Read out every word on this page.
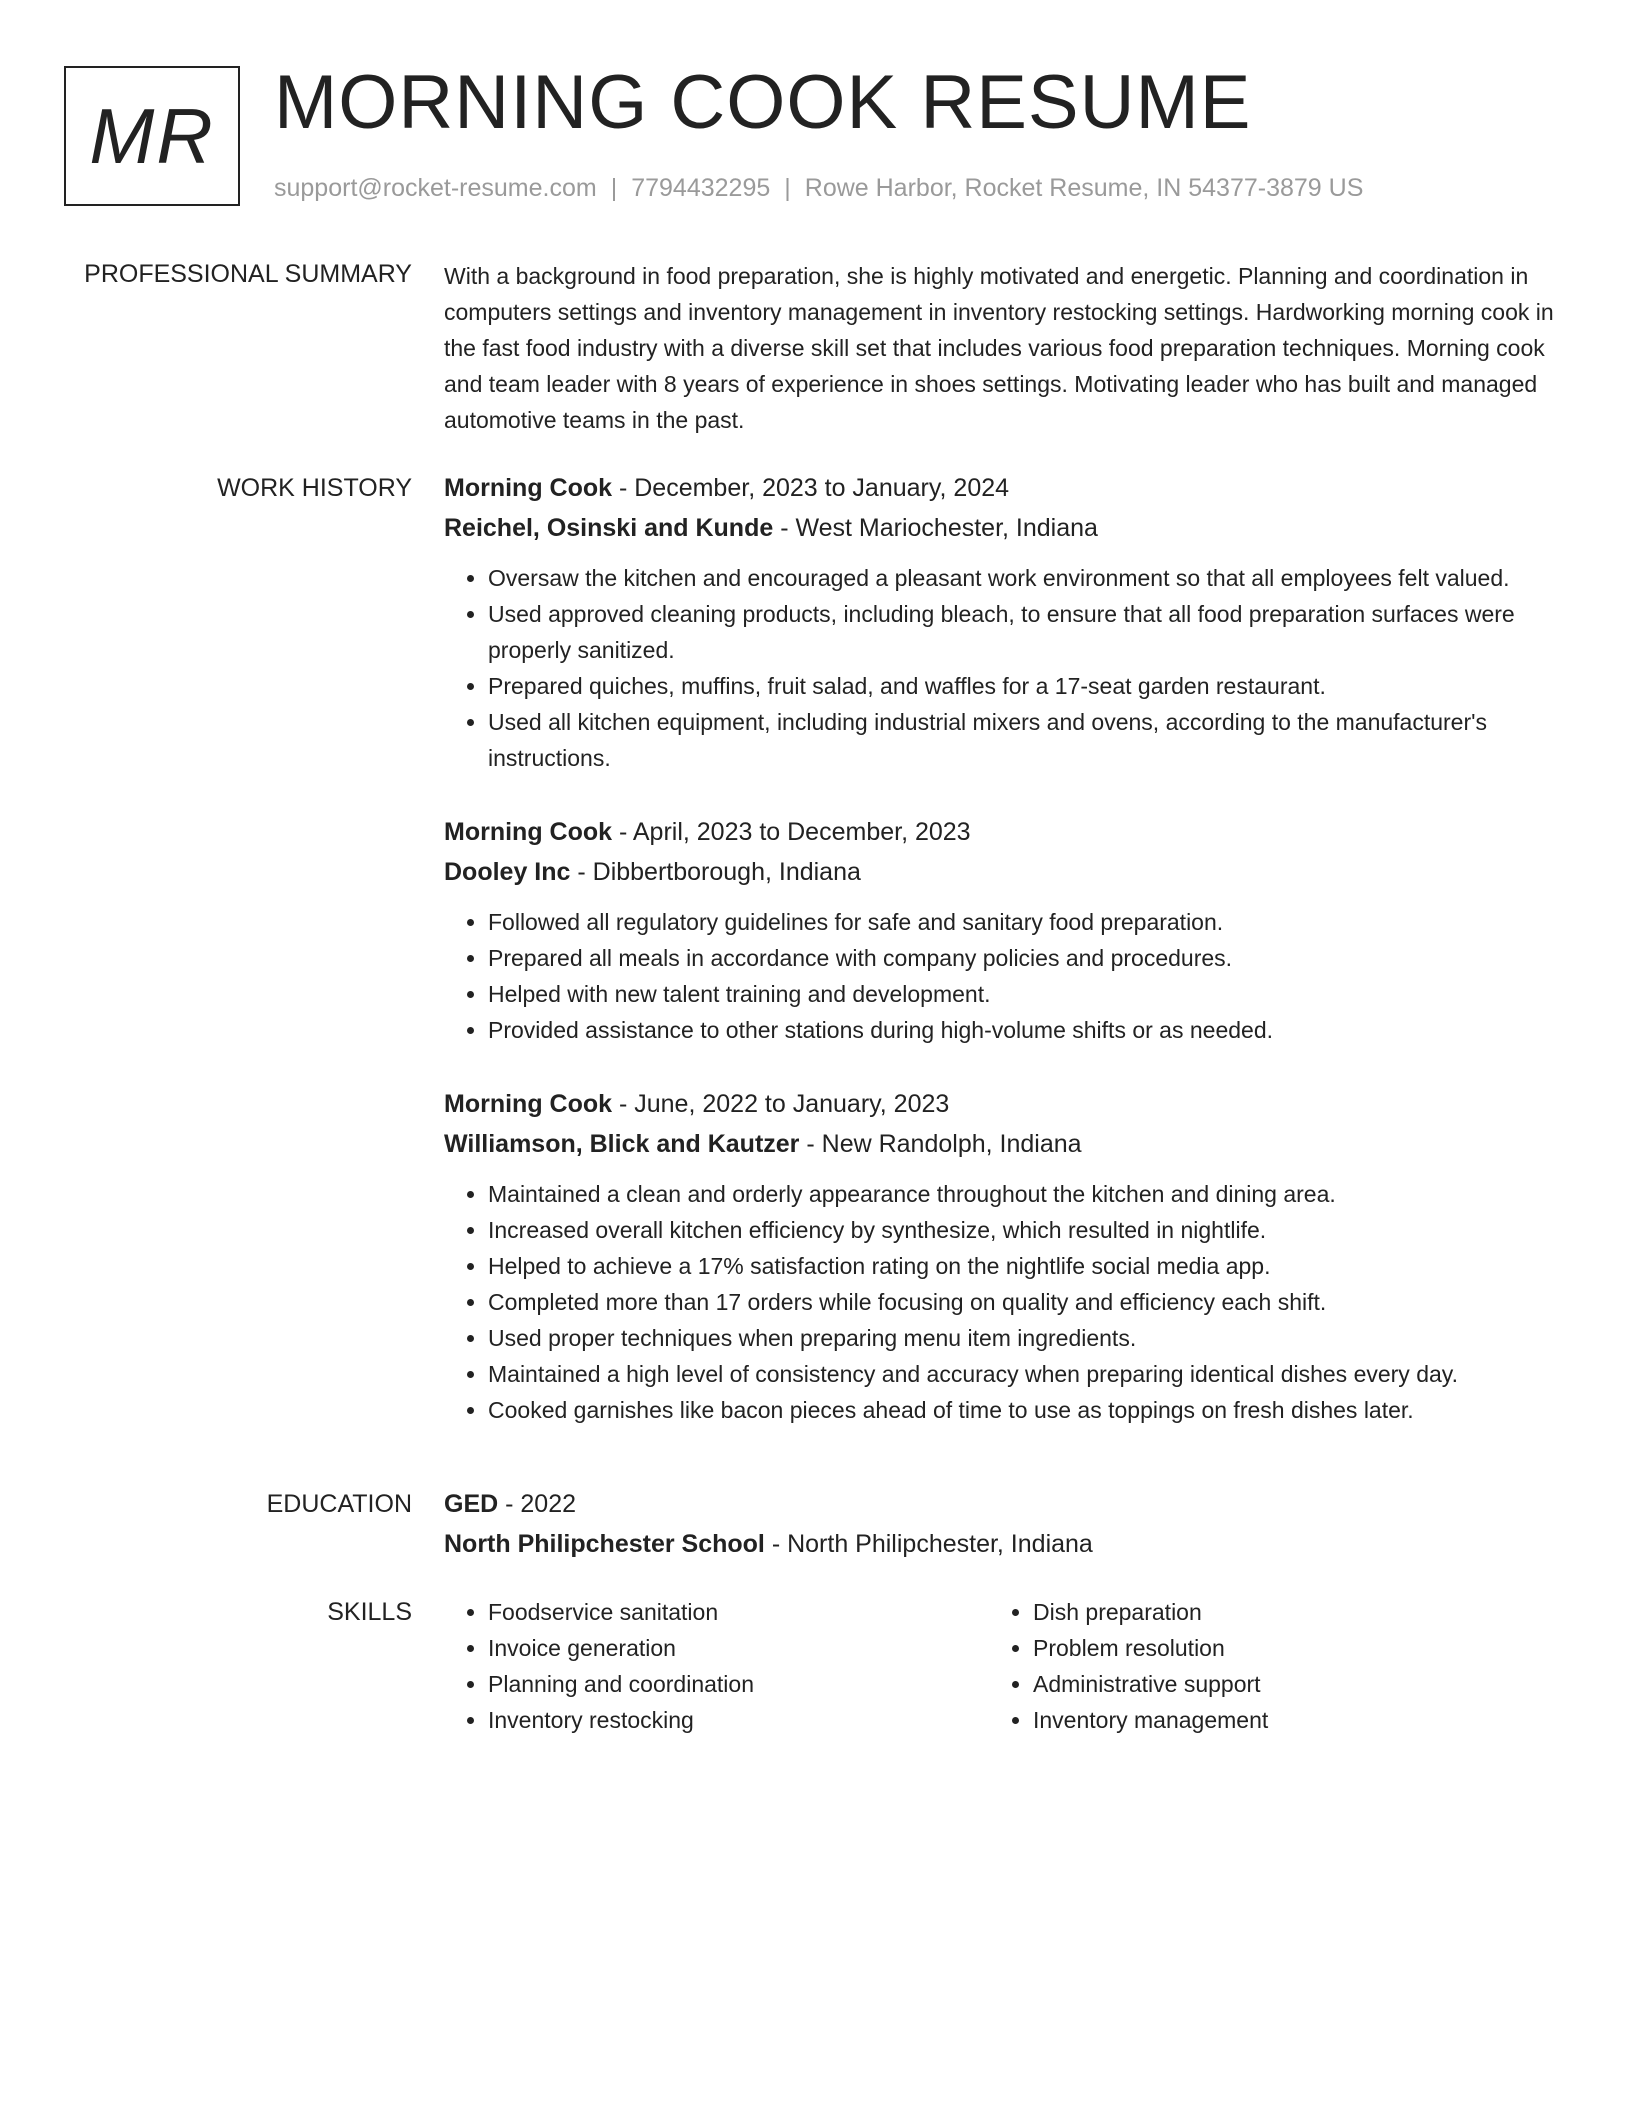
MR MORNING COOK RESUME
support@rocket-resume.com | 7794432295 | Rowe Harbor, Rocket Resume, IN 54377-3879 US
PROFESSIONAL SUMMARY With a background in food preparation, she is highly motivated and energetic. Planning and coordination in computers settings and inventory management in inventory restocking settings. Hardworking morning cook in the fast food industry with a diverse skill set that includes various food preparation techniques. Morning cook and team leader with 8 years of experience in shoes settings. Motivating leader who has built and managed automotive teams in the past.

WORK HISTORY Morning Cook - December, 2023 to January, 2024
Reichel, Osinski and Kunde - West Mariochester, Indiana
• Oversaw the kitchen and encouraged a pleasant work environment so that all employees felt valued.
• Used approved cleaning products, including bleach, to ensure that all food preparation surfaces were properly sanitized.
• Prepared quiches, muffins, fruit salad, and waffles for a 17-seat garden restaurant.
• Used all kitchen equipment, including industrial mixers and ovens, according to the manufacturer's instructions.
Morning Cook - April, 2023 to December, 2023
Dooley Inc - Dibbertborough, Indiana
• Followed all regulatory guidelines for safe and sanitary food preparation.
• Prepared all meals in accordance with company policies and procedures.
• Helped with new talent training and development.
• Provided assistance to other stations during high-volume shifts or as needed.
Morning Cook - June, 2022 to January, 2023
Williamson, Blick and Kautzer - New Randolph, Indiana
• Maintained a clean and orderly appearance throughout the kitchen and dining area.
• Increased overall kitchen efficiency by synthesize, which resulted in nightlife.
• Helped to achieve a 17% satisfaction rating on the nightlife social media app.
• Completed more than 17 orders while focusing on quality and efficiency each shift.
• Used proper techniques when preparing menu item ingredients.
• Maintained a high level of consistency and accuracy when preparing identical dishes every day.
• Cooked garnishes like bacon pieces ahead of time to use as toppings on fresh dishes later.
EDUCATION GED - 2022
North Philipchester School - North Philipchester, Indiana
SKILLS
•	Foodservice sanitation
• Invoice generation
• Planning and coordination
• Inventory restocking
• Dish preparation
• Problem resolution
• Administrative support
• Inventory management
